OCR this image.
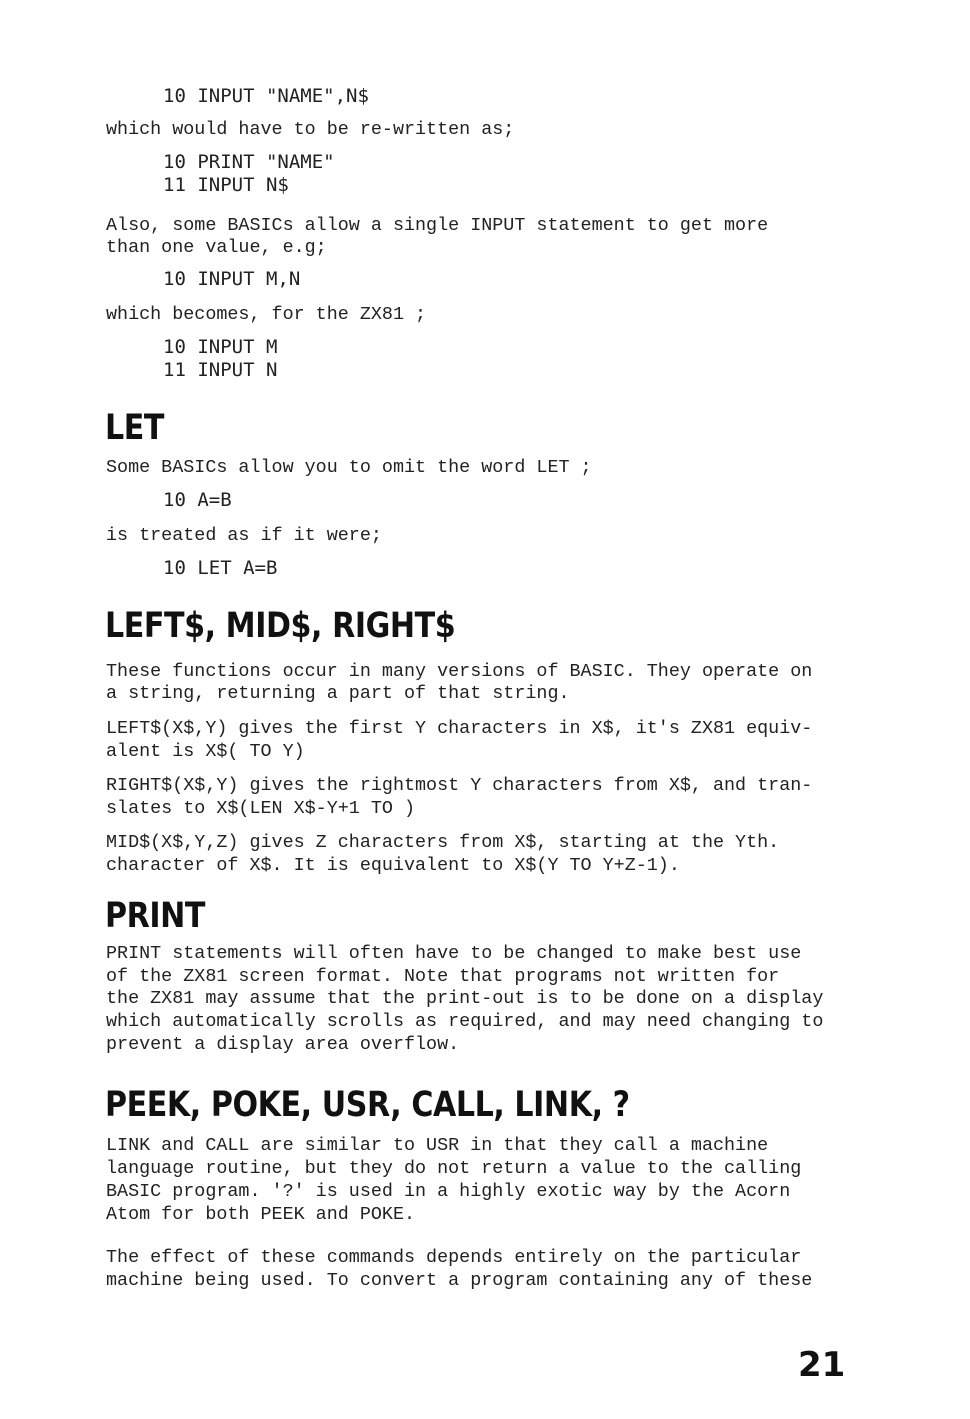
10 INPUT "NAME",N$
which would have to be re-written as;
10 PRINT "NAME"
11 INPUT N$
Also, some BASICs allow a single INPUT statement to get more
than one value, e.g;
10 INPUT M,N
which becomes, for the ZX81 ;
10 INPUT M
11 INPUT N
LET
Some BASICs allow you to omit the word LET ;
10 A=B
is treated as if it were;
10 LET A=B
LEFT$, MID$, RIGHT$
These functions occur in many versions of BASIC. They operate on
a string, returning a part of that string.
LEFT$(X$,Y) gives the first Y characters in X$, it's ZX81 equiv-
alent is X$( TO Y)
RIGHT$(X$,Y) gives the rightmost Y characters from X$, and tran-
slates to X$(LEN X$-Y+1 TO )
MID$(X$,Y,Z) gives Z characters from X$, starting at the Yth.
character of X$. It is equivalent to X$(Y TO Y+Z-1).
PRINT
PRINT statements will often have to be changed to make best use
of the ZX81 screen format. Note that programs not written for
the ZX81 may assume that the print-out is to be done on a display
which automatically scrolls as required, and may need changing to
prevent a display area overflow.
PEEK, POKE, USR, CALL, LINK, ?
LINK and CALL are similar to USR in that they call a machine
language routine, but they do not return a value to the calling
BASIC program. '?' is used in a highly exotic way by the Acorn
Atom for both PEEK and POKE.
The effect of these commands depends entirely on the particular
machine being used. To convert a program containing any of these
21
